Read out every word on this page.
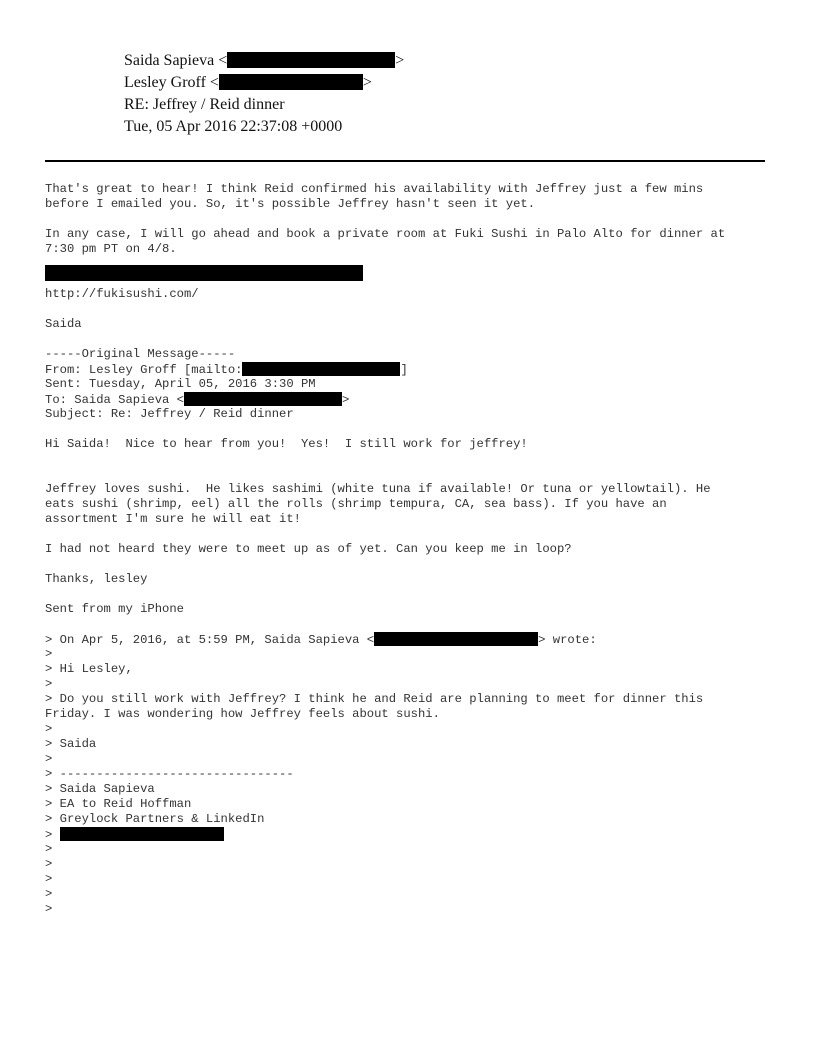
Saida Sapieva <	>
Lesley Groff <	>
RE: Jeffrey / Reid dinner
Tue, 05 Apr 2016 22:37:08 +0000
That's great to hear! I think Reid confirmed his availability with Jeffrey just a few mins
before I emailed you. So, it's possible Jeffrey hasn't seen it yet.
In any case, I will go ahead and book a private room at Fuki Sushi in Palo Alto for dinner at
7:30 pm PT on 4/8.

http://fukisushi.com/
Saida
-----Original Message-----
From: Lesley Groff [mailto:	]
Sent: Tuesday, April 05, 2016 3:30 PM
To: Saida Sapieva <	>
Subject: Re: Jeffrey / Reid dinner
Hi Saida!  Nice to hear from you!  Yes!  I still work for jeffrey!
Jeffrey loves sushi.  He likes sashimi (white tuna if available! Or tuna or yellowtail). He
eats sushi (shrimp, eel) all the rolls (shrimp tempura, CA, sea bass). If you have an
assortment I'm sure he will eat it!
I had not heard they were to meet up as of yet. Can you keep me in loop?
Thanks, lesley
Sent from my iPhone
> On Apr 5, 2016, at 5:59 PM, Saida Sapieva <	> wrote:
>
> Hi Lesley,
>
> Do you still work with Jeffrey? I think he and Reid are planning to meet for dinner this
Friday. I was wondering how Jeffrey feels about sushi.
>
> Saida
>
> --------------------------------
> Saida Sapieva
> EA to Reid Hoffman
> Greylock Partners & LinkedIn
>
>
>
>
>
>
